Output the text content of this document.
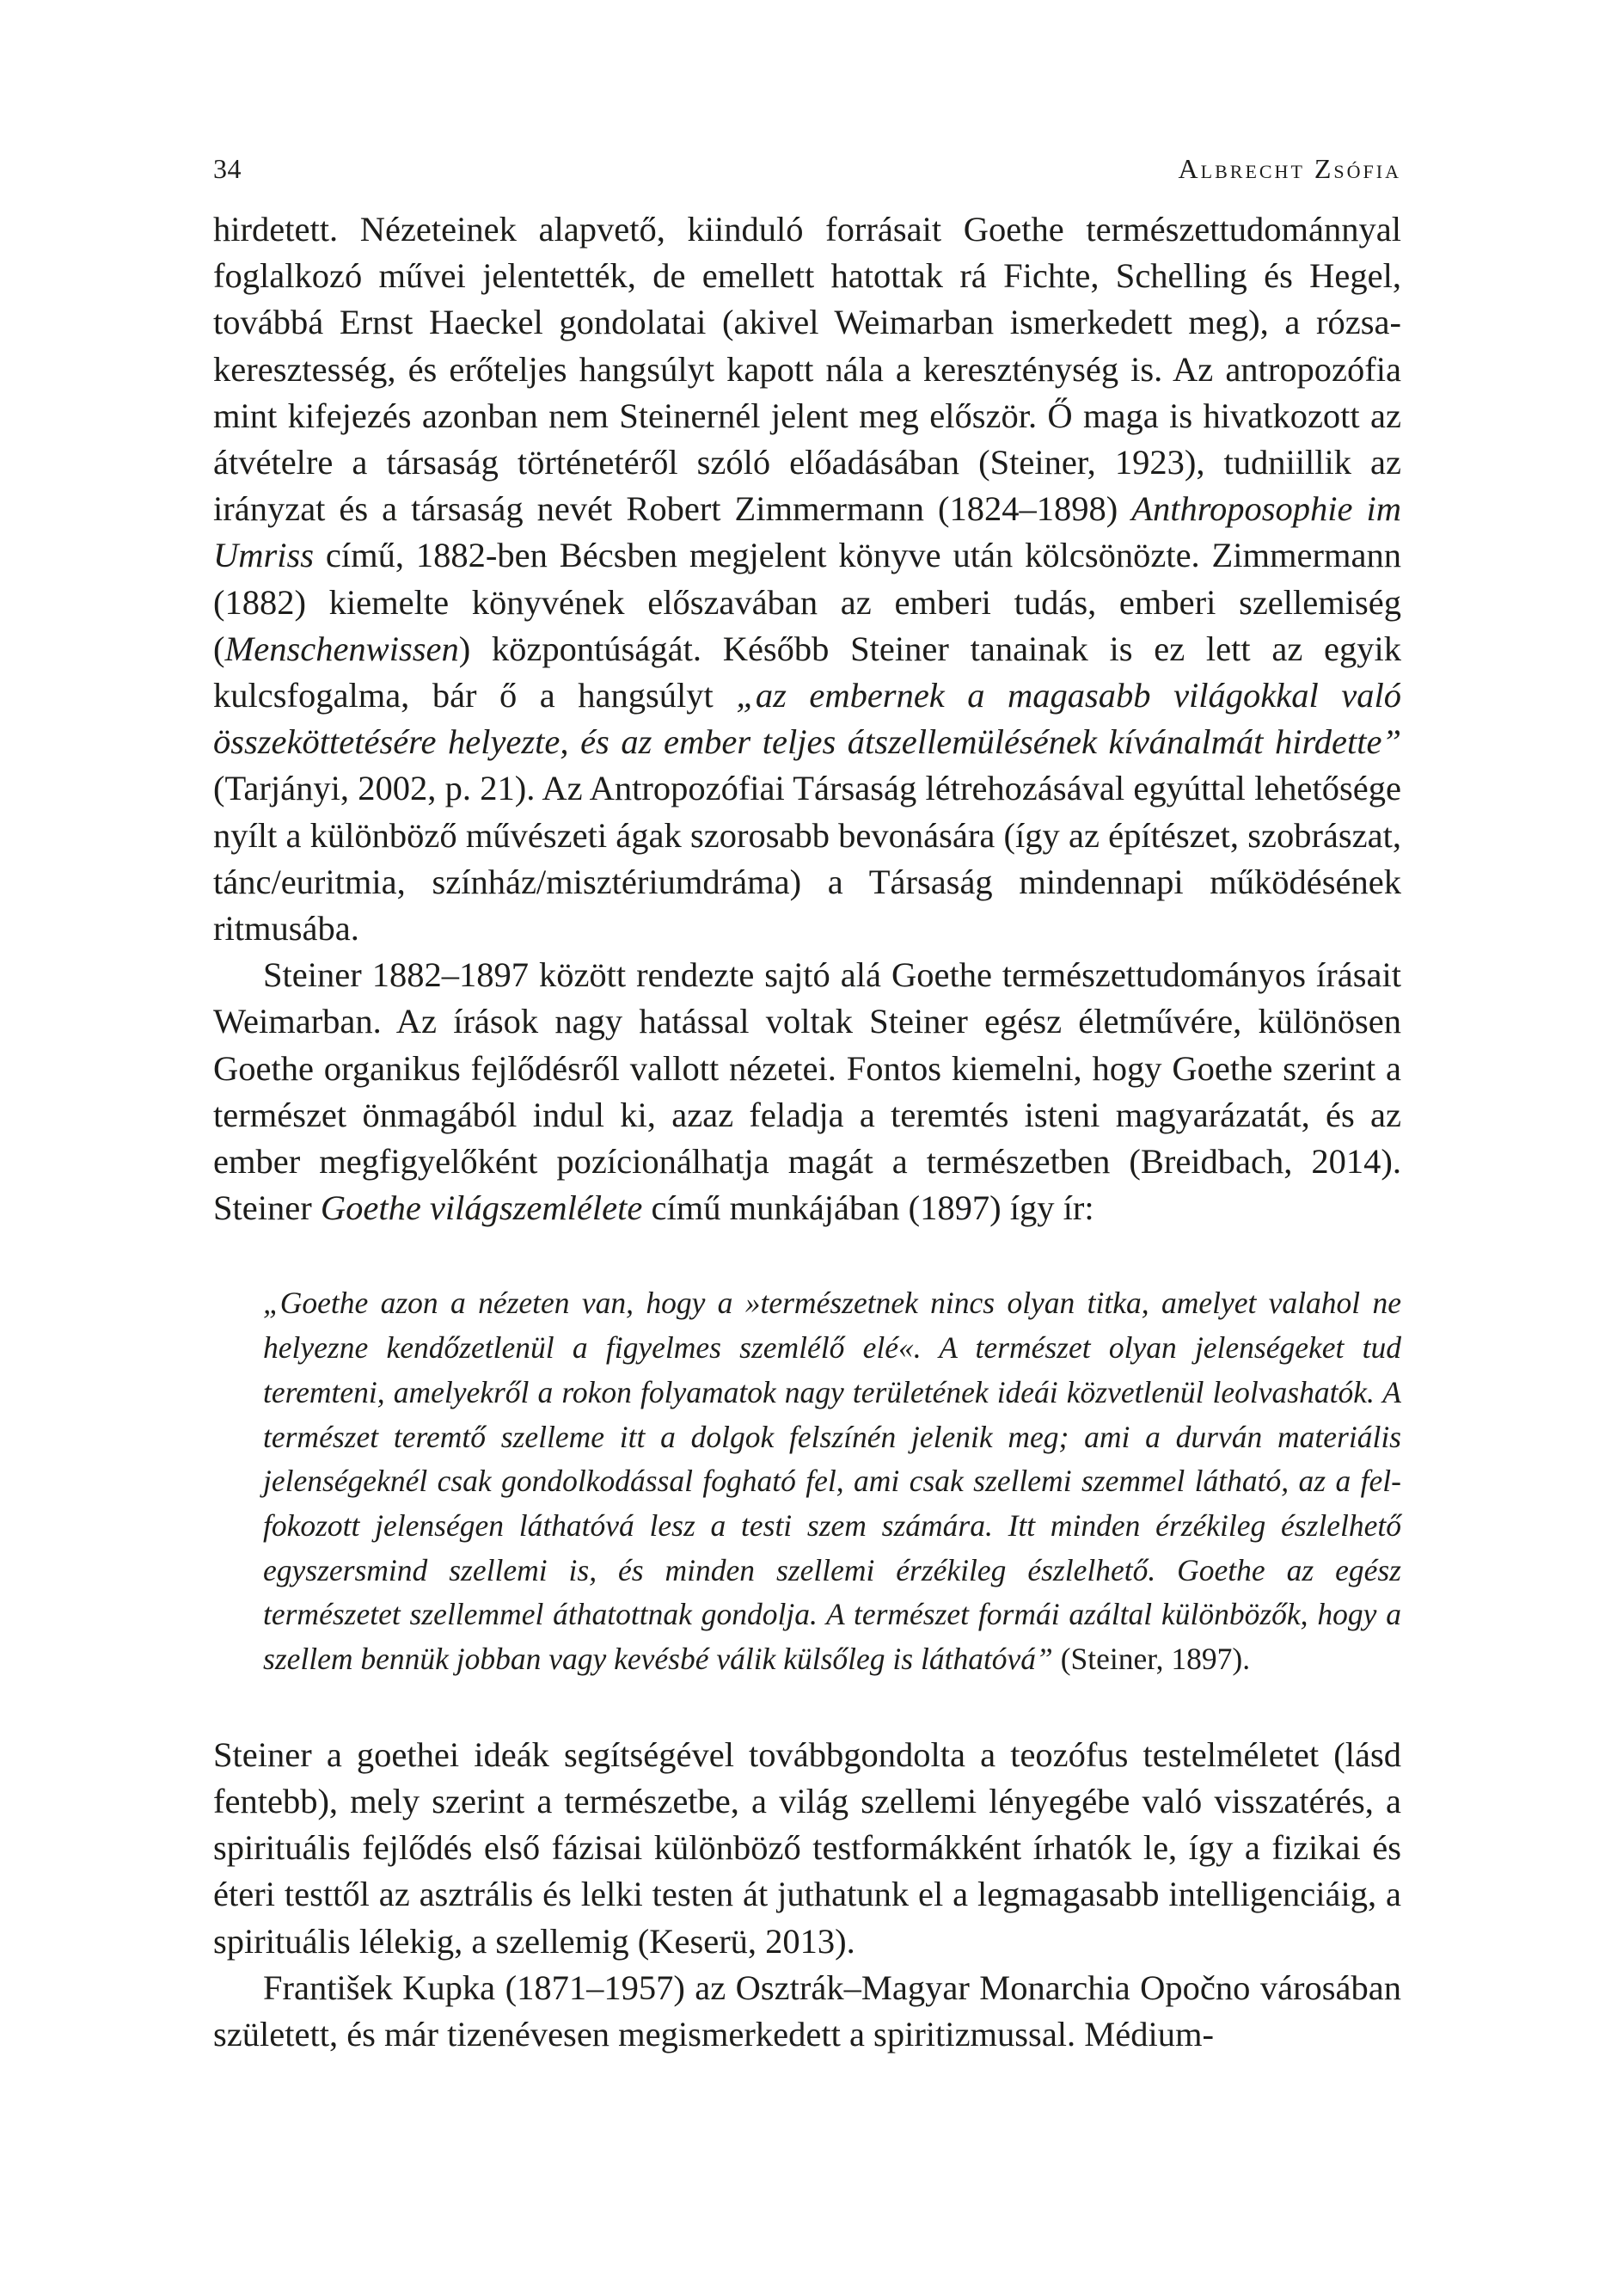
34	Albrecht Zsófia

hirdetett. Nézeteinek alapvető, kiinduló forrásait Goethe természettudománnyal foglalkozó művei jelentették, de emellett hatottak rá Fichte, Schelling és Hegel, továbbá Ernst Haeckel gondolatai (akivel Weimarban ismerkedett meg), a rózsakeresztesség, és erőteljes hangsúlyt kapott nála a kereszténység is. Az antropozófia mint kifejezés azonban nem Steinernél jelent meg először. Ő maga is hivatkozott az átvételre a társaság történetéről szóló előadásában (Steiner, 1923), tudniillik az irányzat és a társaság nevét Robert Zimmermann (1824–1898) Anthroposophie im Umriss című, 1882-ben Bécsben megjelent könyve után kölcsönözte. Zimmermann (1882) kiemelte könyvének előszavában az emberi tudás, emberi szellemiség (Menschenwissen) központúságát. Később Steiner tanainak is ez lett az egyik kulcsfogalma, bár ő a hangsúlyt „az embernek a magasabb világokkal való összeköttetésére helyezte, és az ember teljes átszellemülésének kívánalmát hirdette” (Tarjányi, 2002, p. 21). Az Antropozófiai Társaság létrehozásával egyúttal lehetősége nyílt a különböző művészeti ágak szorosabb bevonására (így az építészet, szobrászat, tánc/euritmia, színház/misztériumdráma) a Társaság mindennapi működésének ritmusába.

Steiner 1882–1897 között rendezte sajtó alá Goethe természettudományos írásait Weimarban. Az írások nagy hatással voltak Steiner egész életművére, különösen Goethe organikus fejlődésről vallott nézetei. Fontos kiemelni, hogy Goethe szerint a természet önmagából indul ki, azaz feladja a teremtés isteni magyarázatát, és az ember megfigyelőként pozícionálhatja magát a természetben (Breidbach, 2014). Steiner Goethe világszemlélete című munkájában (1897) így ír:

„Goethe azon a nézeten van, hogy a »természetnek nincs olyan titka, amelyet valahol ne helyezne kendőzetlenül a figyelmes szemlélő elé«. A természet olyan jelenségeket tud teremteni, amelyekről a rokon folyamatok nagy területének ideái közvetlenül leolvashatók. A természet teremtő szelleme itt a dolgok felszínén jelenik meg; ami a durván materiális jelenségeknél csak gondolkodással fogható fel, ami csak szellemi szemmel látható, az a felfokozott jelenségen láthatóvá lesz a testi szem számára. Itt minden érzékileg észlelhető egyszersmind szellemi is, és minden szellemi érzékileg észlelhető. Goethe az egész természetet szellemmel áthatottnak gondolja. A természet formái azáltal különbözők, hogy a szellem bennük jobban vagy kevésbé válik külsőleg is láthatóvá” (Steiner, 1897).

Steiner a goethei ideák segítségével továbbgondolta a teozófus testelméletet (lásd fentebb), mely szerint a természetbe, a világ szellemi lényegébe való visszatérés, a spirituális fejlődés első fázisai különböző testformákként írhatók le, így a fizikai és éteri testtől az asztrális és lelki testen át juthatunk el a legmagasabb intelligenciáig, a spirituális lélekig, a szellemig (Keserü, 2013).

František Kupka (1871–1957) az Osztrák–Magyar Monarchia Opočno városában született, és már tizenévesen megismerkedett a spiritizmussal. Médium-
